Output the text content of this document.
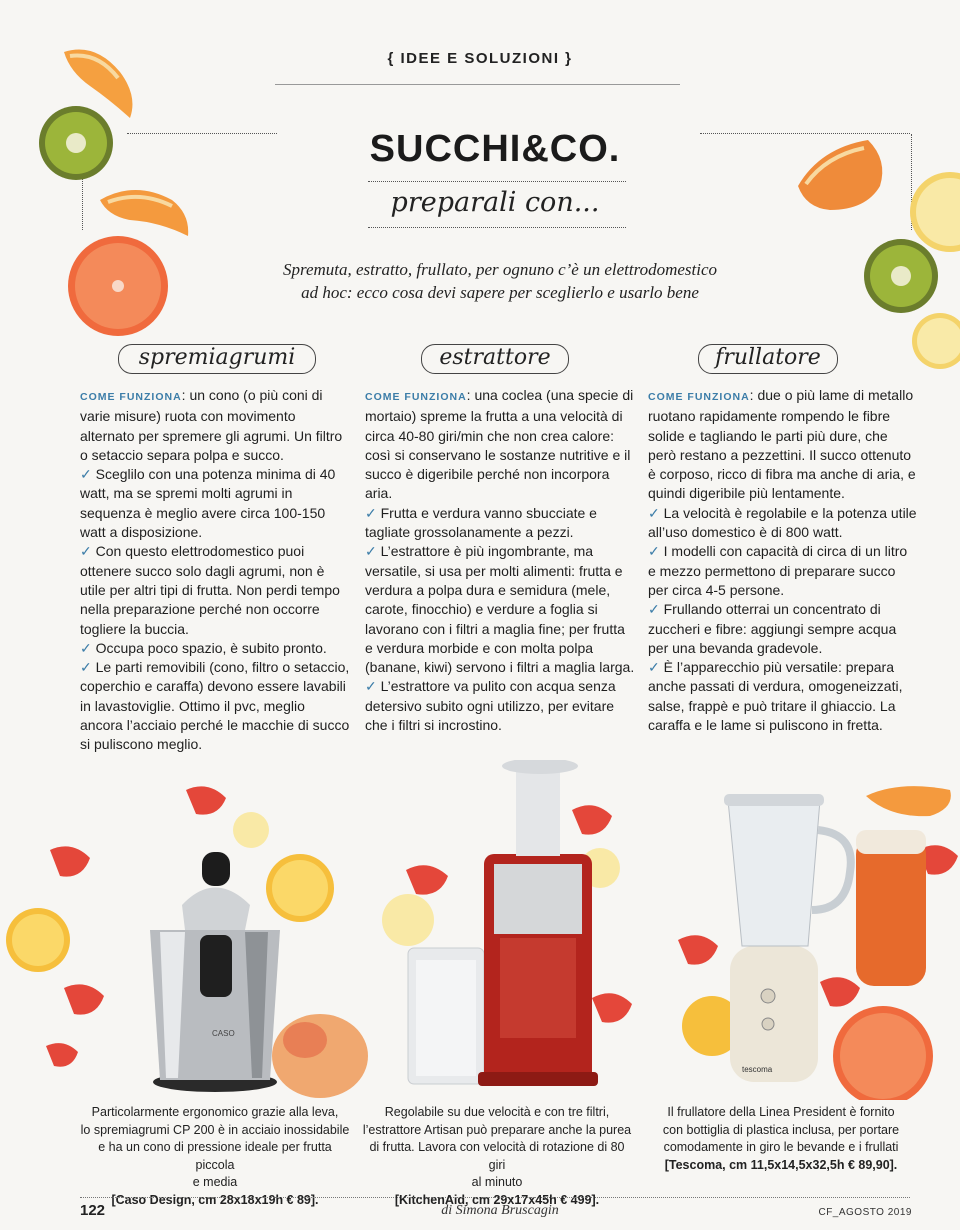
{ IDEE E SOLUZIONI }
SUCCHI&CO.
preparali con...
Spremuta, estratto, frullato, per ognuno c’è un elettrodomestico
ad hoc: ecco cosa devi sapere per sceglierlo e usarlo bene
spremiagrumi	estrattore	frullatore

COME FUNZIONA: un cono (o più coni di varie misure) ruota con movimento alternato per spremere gli agrumi. Un filtro o setaccio separa polpa e succo.

✓ Sceglilo con una potenza minima di 40 watt, ma se spremi molti agrumi in sequenza è meglio avere circa 100-150 watt a disposizione.

✓ Con questo elettrodomestico puoi ottenere succo solo dagli agrumi, non è utile per altri tipi di frutta. Non perdi tempo nella preparazione perché non occorre togliere la buccia.

✓ Occupa poco spazio, è subito pronto.

✓ Le parti removibili (cono, filtro o setaccio, coperchio e caraffa) devono essere lavabili in lavastoviglie. Ottimo il pvc, meglio ancora l’acciaio perché le macchie di succo si puliscono meglio.

COME FUNZIONA: una coclea (una specie di mortaio) spreme la frutta a una velocità di circa 40-80 giri/min che non crea calore: così si conservano le sostanze nutritive e il succo è digeribile perché non incorpora aria.

✓ Frutta e verdura vanno sbucciate e tagliate grossolanamente a pezzi.

✓ L’estrattore è più ingombrante, ma versatile, si usa per molti alimenti: frutta e verdura a polpa dura e semidura (mele, carote, finocchio) e verdure a foglia si lavorano con i filtri a maglia fine; per frutta e verdura morbide e con molta polpa (banane, kiwi) servono i filtri a maglia larga.

✓ L’estrattore va pulito con acqua senza detersivo subito ogni utilizzo, per evitare che i filtri si incrostino.

COME FUNZIONA: due o più lame di metallo ruotano rapidamente rompendo le fibre solide e tagliando le parti più dure, che però restano a pezzettini. Il succo ottenuto è corposo, ricco di fibra ma anche di aria, e quindi digeribile più lentamente.

✓ La velocità è regolabile e la potenza utile all’uso domestico è di 800 watt.

✓ I modelli con capacità di circa di un litro e mezzo permettono di preparare succo per circa 4-5 persone.

✓ Frullando otterrai un concentrato di zuccheri e fibre: aggiungi sempre acqua per una bevanda gradevole.

✓ È l’apparecchio più versatile: prepara anche passati di verdura, omogeneizzati, salse, frappè e può tritare il ghiaccio. La caraffa e le lame si puliscono in fretta.

CASO
tescoma
Particolarmente ergonomico grazie alla leva,
lo spremiagrumi CP 200 è in acciaio inossidabile
e ha un cono di pressione ideale per frutta piccola
e media
[Caso Design, cm 28x18x19h € 89].
Regolabile su due velocità e con tre filtri,
l’estrattore Artisan può preparare anche la purea
di frutta. Lavora con velocità di rotazione di 80 giri
al minuto
[KitchenAid, cm 29x17x45h € 499].
Il frullatore della Linea President è fornito
con bottiglia di plastica inclusa, per portare
comodamente in giro le bevande e i frullati
[Tescoma, cm 11,5x14,5x32,5h € 89,90].
122	di Simona Bruscagin	CF_AGOSTO 2019
